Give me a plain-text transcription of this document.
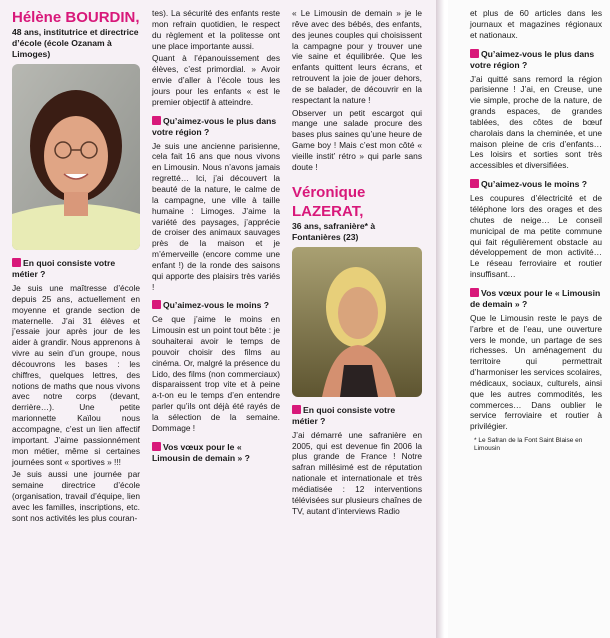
Hélène BOURDIN,
48 ans, institutrice et directrice d’école (école Ozanam à Limoges)
En quoi consiste votre métier ?

Je suis une maîtresse d’école depuis 25 ans, actuellement en moyenne et grande section de maternelle. J’ai 31 élèves et j’essaie jour après jour de les aider à grandir. Nous apprenons à vivre au sein d’un groupe, nous découvrons les bases : les chiffres, quelques lettres, des notions de maths que nous vivons avec notre corps (devant, derrière…). Une petite marionnette Kaïlou nous accompagne, c’est un lien affectif important. J’aime passionnément mon métier, même si certaines journées sont « sportives » !!!

Je suis aussi une journée par semaine directrice d’école (organisation, travail d’équipe, lien avec les familles, inscriptions, etc. sont nos activités les plus couran-

tes). La sécurité des enfants reste mon refrain quotidien, le respect du règlement et la politesse ont une place importante aussi.

Quant à l’épanouissement des élèves, c’est primordial. » Avoir envie d’aller à l’école tous les jours pour les enfants « est le premier objectif à atteindre.

Qu’aimez-vous le plus dans votre région ?

Je suis une ancienne parisienne, cela fait 16 ans que nous vivons en Limousin. Nous n’avons jamais regretté… Ici, j’ai découvert la beauté de la nature, le calme de la campagne, une ville à taille humaine : Limoges. J’aime la variété des paysages, j’apprécie de croiser des animaux sauvages près de la maison et je m’émerveille (encore comme une enfant !) de la ronde des saisons qui apporte des plaisirs très variés !

Qu’aimez-vous le moins ?

Ce que j’aime le moins en Limousin est un point tout bête : je souhaiterai avoir le temps de pouvoir choisir des films au cinéma. Or, malgré la présence du Lido, des films (non commerciaux) disparaissent trop vite et à peine a-t-on eu le temps d’en entendre parler qu’ils ont déjà été rayés de la sélection de la semaine. Dommage !

Vos vœux pour le « Limousin de demain » ?

« Le Limousin de demain » je le rêve avec des bébés, des enfants, des jeunes couples qui choisissent la campagne pour y trouver une vie saine et équilibrée. Que les enfants quittent leurs écrans, et retrouvent la joie de jouer dehors, de se balader, de découvrir en la respectant la nature !

Observer un petit escargot qui mange une salade procure des bases plus saines qu’une heure de Game boy ! Mais c’est mon côté « vieille instit’ rétro » qui parle sans doute !

Véronique LAZERAT,
36 ans, safranière* à Fontanières (23)
En quoi consiste votre métier ?

J’ai démarré une safranière en 2005, qui est devenue fin 2006 la plus grande de France ! Notre safran millésimé est de réputation nationale et internationale et très médiatisée : 12 interventions télévisées sur plusieurs chaînes de TV, autant d’interviews Radio

et plus de 60 articles dans les journaux et magazines régionaux et nationaux.

Qu’aimez-vous le plus dans votre région ?

J’ai quitté sans remord la région parisienne ! J’ai, en Creuse, une vie simple, proche de la nature, de grands espaces, de grandes tablées, des côtes de bœuf charolais dans la cheminée, et une maison pleine de cris d’enfants… Les loisirs et sorties sont très accessibles et diversifiées.

Qu’aimez-vous le moins ?

Les coupures d’électricité et de téléphone lors des orages et des chutes de neige… Le conseil municipal de ma petite commune qui fait régulièrement obstacle au développement de mon activité… Le réseau ferroviaire et routier insuffisant…

Vos vœux pour le « Limousin de demain » ?

Que le Limousin reste le pays de l’arbre et de l’eau, une ouverture vers le monde, un partage de ses richesses. Un aménagement du territoire qui permettrait d’harmoniser les services scolaires, médicaux, sociaux, culturels, ainsi que les autres commodités, les commerces… Dans oublier le service ferroviaire et routier à privilégier.

* Le Safran de la Font Saint Blaise en Limousin
